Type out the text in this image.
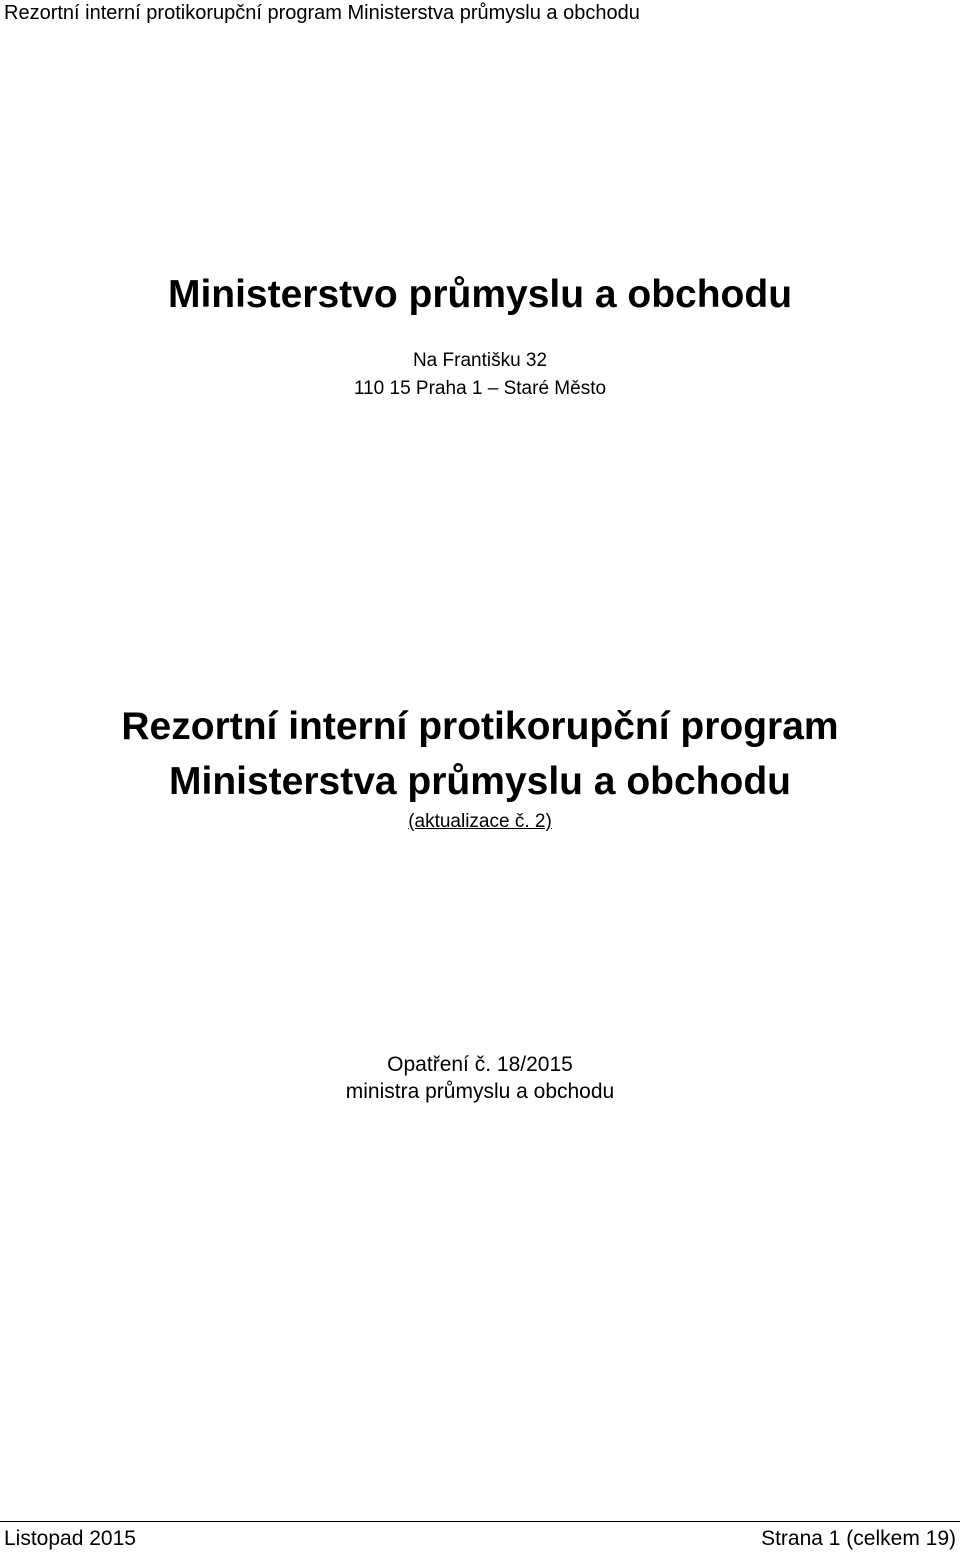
Rezortní interní protikorupční program Ministerstva průmyslu a obchodu
Ministerstvo průmyslu a obchodu
Na Františku 32
110 15 Praha 1 – Staré Město
Rezortní interní protikorupční program
Ministerstva průmyslu a obchodu
(aktualizace č. 2)
Opatření č. 18/2015
ministra průmyslu a obchodu
Listopad 2015	Strana 1 (celkem 19)
